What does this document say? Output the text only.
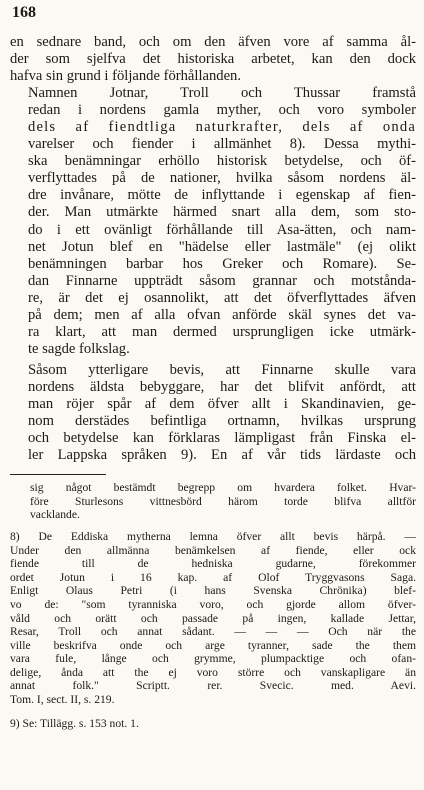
168

en sednare band, och om den äfven vore af samma ål-
der som sjelfva det historiska arbetet, kan den dock
hafva sin grund i följande förhållanden.

Namnen Jotnar, Troll och Thussar framstå
redan i nordens gamla myther, och voro symboler
dels af fiendtliga naturkrafter, dels af onda
varelser och fiender i allmänhet 8). Dessa mythi-
ska benämningar erhöllo historisk betydelse, och öf-
verflyttades på de nationer, hvilka såsom nordens äl-
dre invånare, mötte de inflyttande i egenskap af fien-
der. Man utmärkte härmed snart alla dem, som sto-
do i ett ovänligt förhållande till Asa-ätten, och nam-
net Jotun blef en "hädelse eller lastmäle" (ej olikt
benämningen barbar hos Greker och Romare). Se-
dan Finnarne uppträdt såsom grannar och motstånda-
re, är det ej osannolikt, att det öfverflyttades äfven
på dem; men af alla ofvan anförde skäl synes det va-
ra klart, att man dermed ursprungligen icke utmärk-
te sagde folkslag.

Såsom ytterligare bevis, att Finnarne skulle vara
nordens äldsta bebyggare, har det blifvit anfördt, att
man röjer spår af dem öfver allt i Skandinavien, ge-
nom derstädes befintliga ortnamn, hvilkas ursprung
och betydelse kan förklaras lämpligast från Finska el-
ler Lappska språken 9). En af vår tids lärdaste och

sig något bestämdt begrepp om hvardera folket. Hvar-
före Sturlesons vittnesbörd härom torde blifva alltför
vacklande.

8) De Eddiska mytherna lemna öfver allt bevis härpå. —
Under den allmänna benämkelsen af fiende, eller ock
fiende till de hedniska gudarne, förekommer
ordet Jotun i 16 kap. af Olof Tryggvasons Saga.
Enligt Olaus Petri (i hans Svenska Chrönika) blef-
vo de: "som tyranniska voro, och gjorde allom öfver-
våld och orätt och passade på ingen, kallade Jettar,
Resar, Troll och annat sådant. — — — Och när the
ville beskrifva onde och arge tyranner, sade the them
vara fule, långe och grymme, plumpacktige och ofan-
delige, ånda att the ej voro större och vanskapligare än
annat folk." Scriptt. rer. Svecic. med. Aevi.
Tom. I, sect. II, s. 219.

9) Se: Tillägg. s. 153 not. 1.
